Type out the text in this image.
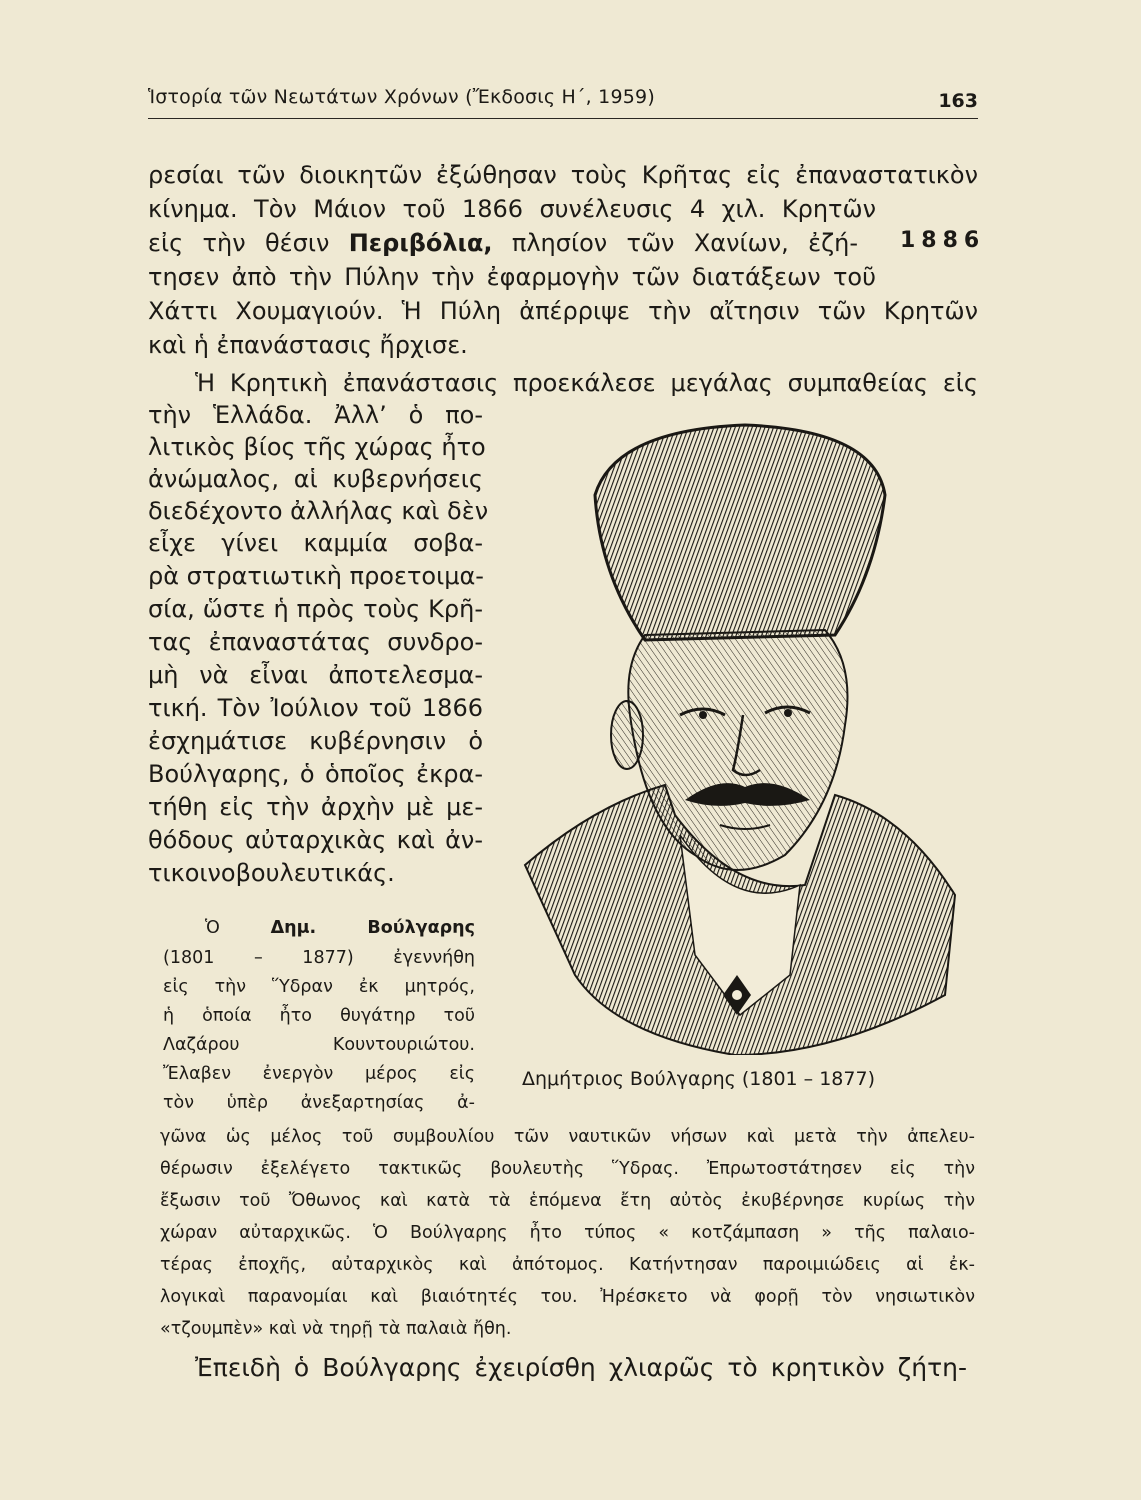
Ἱστορία τῶν Νεωτάτων Χρόνων (Ἔκδοσις Η΄, 1959)	163
ρεσίαι τῶν διοικητῶν ἐξώθησαν τοὺς Κρῆτας εἰς ἐπαναστατικὸν
κίνημα. Τὸν Μάιον τοῦ 1866 συνέλευσις 4 χιλ. Κρητῶν
εἰς τὴν θέσιν Περιβόλια, πλησίον τῶν Χανίων, ἐζή- 1886
τησεν ἀπὸ τὴν Πύλην τὴν ἐφαρμογὴν τῶν διατάξεων τοῦ
Χάττι Χουμαγιούν. Ἡ Πύλη ἀπέρριψε τὴν αἴτησιν τῶν Κρητῶν
καὶ ἡ ἐπανάστασις ἤρχισε.
Ἡ Κρητικὴ ἐπανάστασις προεκάλεσε μεγάλας συμπαθείας εἰς
τὴν Ἑλλάδα. Ἀλλ’ ὁ πο-
λιτικὸς βίος τῆς χώρας ἦτο
ἀνώμαλος, αἱ κυβερνήσεις
διεδέχοντο ἀλλήλας καὶ δὲν
εἶχε γίνει καμμία σοβα-
ρὰ στρατιωτικὴ προετοιμα-
σία, ὥστε ἡ πρὸς τοὺς Κρῆ-
τας ἐπαναστάτας συνδρο-
μὴ νὰ εἶναι ἀποτελεσμα-
τική. Τὸν Ἰούλιον τοῦ 1866
ἐσχημάτισε κυβέρνησιν ὁ
Βούλγαρης, ὁ ὁποῖος ἐκρα-
τήθη εἰς τὴν ἀρχὴν μὲ με-
θόδους αὐταρχικὰς καὶ ἀν-
τικοινοβουλευτικάς.
Ὁ Δημ. Βούλγαρης
(1801 – 1877) ἐγεννήθη
εἰς τὴν Ὕδραν ἐκ μητρός,
ἡ ὁποία ἦτο θυγάτηρ τοῦ
Λαζάρου Κουντουριώτου.
Ἔλαβεν ἐνεργὸν μέρος εἰς
τὸν ὑπὲρ ἀνεξαρτησίας ἀ-
γῶνα ὡς μέλος τοῦ συμβουλίου τῶν ναυτικῶν νήσων καὶ μετὰ τὴν ἀπελευ-
θέρωσιν ἐξελέγετο τακτικῶς βουλευτὴς Ὕδρας. Ἐπρωτοστάτησεν εἰς τὴν
ἔξωσιν τοῦ Ὄθωνος καὶ κατὰ τὰ ἑπόμενα ἔτη αὐτὸς ἐκυβέρνησε κυρίως τὴν
χώραν αὐταρχικῶς. Ὁ Βούλγαρης ἦτο τύπος « κοτζάμπαση » τῆς παλαιο-
τέρας ἐποχῆς, αὐταρχικὸς καὶ ἀπότομος. Κατήντησαν παροιμιώδεις αἱ ἐκ-
λογικαὶ παρανομίαι καὶ βιαιότητές του. Ἠρέσκετο νὰ φορῇ τὸν νησιωτικὸν
«τζουμπὲν» καὶ νὰ τηρῇ τὰ παλαιὰ ἤθη.
Δημήτριος Βούλγαρης (1801 – 1877)
Ἐπειδὴ ὁ Βούλγαρης ἐχειρίσθη χλιαρῶς τὸ κρητικὸν ζήτη-
